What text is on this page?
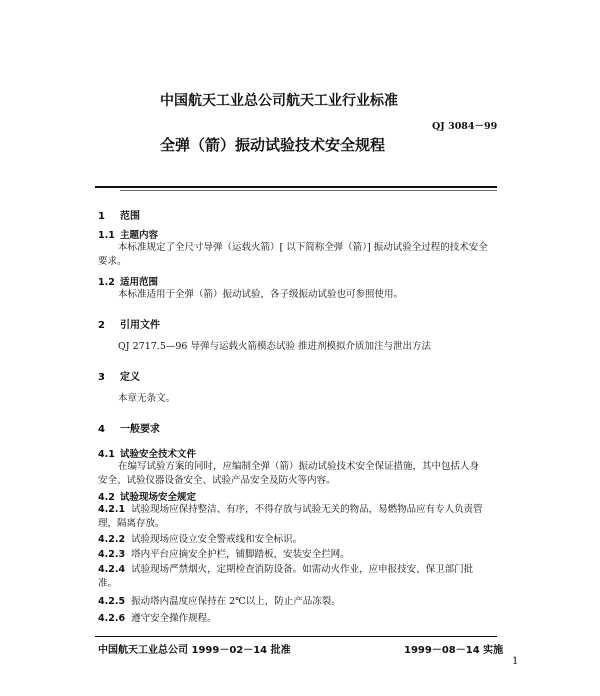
中国航天工业总公司航天工业行业标准
QJ 3084－99
全弹（箭）振动试验技术安全规程
1 范围
1.1 主题内容
本标准规定了全尺寸导弹（运载火箭）[ 以下简称全弹（箭）] 振动试验全过程的技术安全要求。
1.2 适用范围
本标准适用于全弹（箭）振动试验，各子级振动试验也可参照使用。
2 引用文件
QJ 2717.5—96 导弹与运载火箭模态试验 推进剂模拟介质加注与泄出方法
3 定义
本章无条文。
4 一般要求
4.1 试验安全技术文件
在编写试验方案的同时，应编制全弹（箭）振动试验技术安全保证措施，其中包括人身安全、试验仪器设备安全、试验产品安全及防火等内容。
4.2 试验现场安全规定
4.2.1 试验现场应保持整洁、有序，不得存放与试验无关的物品，易燃物品应有专人负责管理，隔离存放。
4.2.2 试验现场应设立安全警戒线和安全标识。
4.2.3 塔内平台应摘安全护栏，铺脚踏板，安装安全拦网。
4.2.4 试验现场严禁烟火，定期检查消防设备。如需动火作业，应申报技安、保卫部门批准。
4.2.5 振动塔内温度应保持在 2℃以上，防止产品冻裂。
4.2.6 遵守安全操作规程。
中国航天工业总公司 1999－02－14 批准	1999－08－14 实施
1
